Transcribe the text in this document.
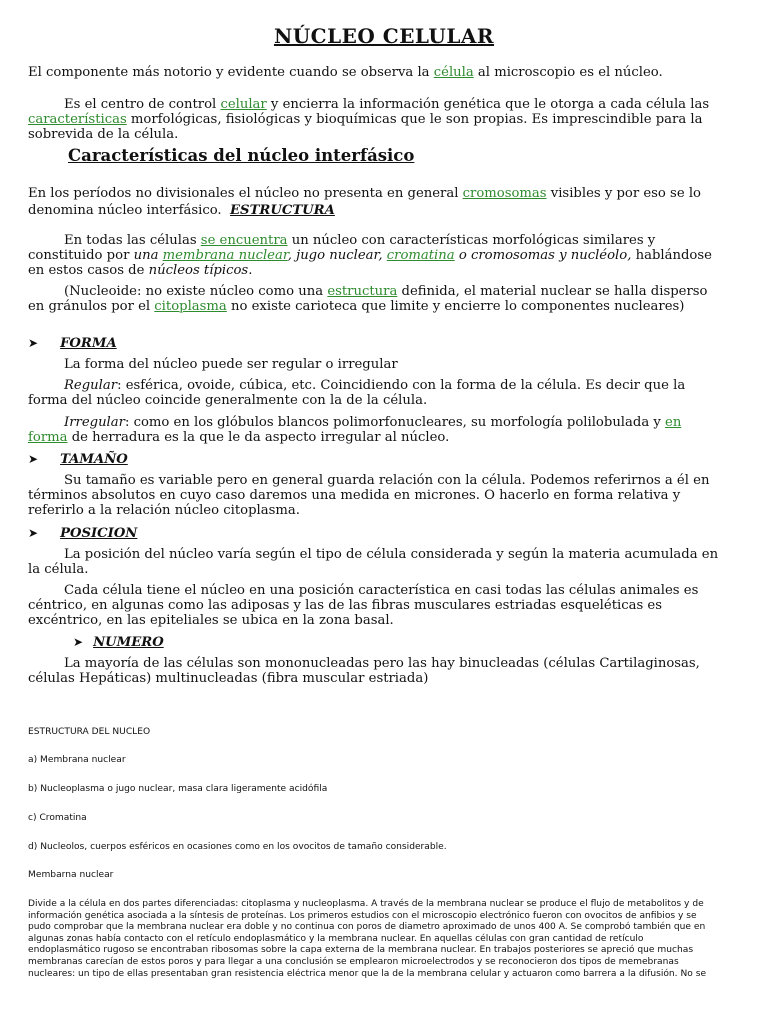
NÚCLEO CELULAR

El componente más notorio y evidente cuando se observa la célula al microscopio es el núcleo.

Es el centro de control celular y encierra la información genética que le otorga a cada célula las características morfológicas, fisiológicas y bioquímicas que le son propias. Es imprescindible para la sobrevida de la célula.

Características del núcleo interfásico

En los períodos no divisionales el núcleo no presenta en general cromosomas visibles y por eso se lo denomina núcleo interfásico. ESTRUCTURA

En todas las células se encuentra un núcleo con características morfológicas similares y constituido por una membrana nuclear, jugo nuclear, cromatina o cromosomas y nucléolo, hablándose en estos casos de núcleos típicos.

(Nucleoide: no existe núcleo como una estructura definida, el material nuclear se halla disperso en gránulos por el citoplasma no existe carioteca que limite y encierre lo componentes nucleares)

➤ FORMA

La forma del núcleo puede ser regular o irregular

Regular: esférica, ovoide, cúbica, etc. Coincidiendo con la forma de la célula. Es decir que la forma del núcleo coincide generalmente con la de la célula.

Irregular: como en los glóbulos blancos polimorfonucleares, su morfología polilobulada y en forma de herradura es la que le da aspecto irregular al núcleo.

➤ TAMAÑO

Su tamaño es variable pero en general guarda relación con la célula. Podemos referirnos a él en términos absolutos en cuyo caso daremos una medida en micrones. O hacerlo en forma relativa y referirlo a la relación núcleo citoplasma.

➤ POSICION

La posición del núcleo varía según el tipo de célula considerada y según la materia acumulada en la célula.

Cada célula tiene el núcleo en una posición característica en casi todas las células animales es céntrico, en algunas como las adiposas y las de las fibras musculares estriadas esqueléticas es excéntrico, en las epiteliales se ubica en la zona basal.

➤ NUMERO

La mayoría de las células son mononucleadas pero las hay binucleadas (células Cartilaginosas, células Hepáticas) multinucleadas (fibra muscular estriada)

ESTRUCTURA DEL NUCLEO

a) Membrana nuclear

b) Nucleoplasma o jugo nuclear, masa clara ligeramente acidófila

c) Cromatina

d) Nucleolos, cuerpos esféricos en ocasiones como en los ovocitos de tamaño considerable.

Membarna nuclear

Divide a la célula en dos partes diferenciadas: citoplasma y nucleoplasma. A través de la membrana nuclear se produce el flujo de metabolitos y de información genética asociada a la síntesis de proteínas. Los primeros estudios con el microscopio electrónico fueron con ovocitos de anfibios y se pudo comprobar que la membrana nuclear era doble y no continua con poros de diametro aproximado de unos 400 A. Se comprobó también que en algunas zonas había contacto con el retículo endoplasmático y la membrana nuclear. En aquellas células con gran cantidad de retículo endoplasmático rugoso se encontraban ribosomas sobre la capa externa de la membrana nuclear. En trabajos posteriores se apreció que muchas membranas carecían de estos poros y para llegar a una conclusión se emplearon microelectrodos y se reconocieron dos tipos de memebranas nucleares: un tipo de ellas presentaban gran resistencia eléctrica menor que la de la membrana celular y actuaron como barrera a la difusión. No se
